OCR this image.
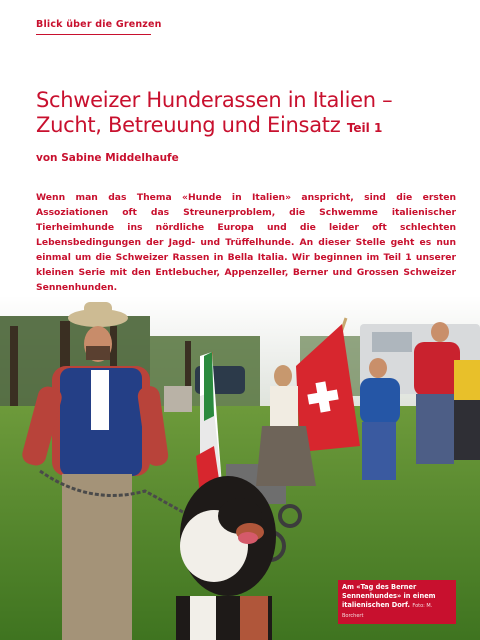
Blick über die Grenzen
Schweizer Hunderassen in Italien –
Zucht, Betreuung und Einsatz Teil 1
von Sabine Middelhaufe

Wenn man das Thema «Hunde in Italien» anspricht, sind die ersten Assoziationen oft das Streunerproblem, die Schwemme italienischer Tierheimhunde ins nördliche Europa und die leider oft schlechten Lebensbedingungen der Jagd- und Trüffelhunde. An dieser Stelle geht es nun einmal um die Schweizer Rassen in Bella Italia. Wir beginnen im Teil 1 unserer kleinen Serie mit den Entlebucher, Appenzeller, Berner und Grossen Schweizer Sennenhunden.

Am «Tag des Berner Sennenhundes» in einem italienischen Dorf. Foto: M. Borchert
